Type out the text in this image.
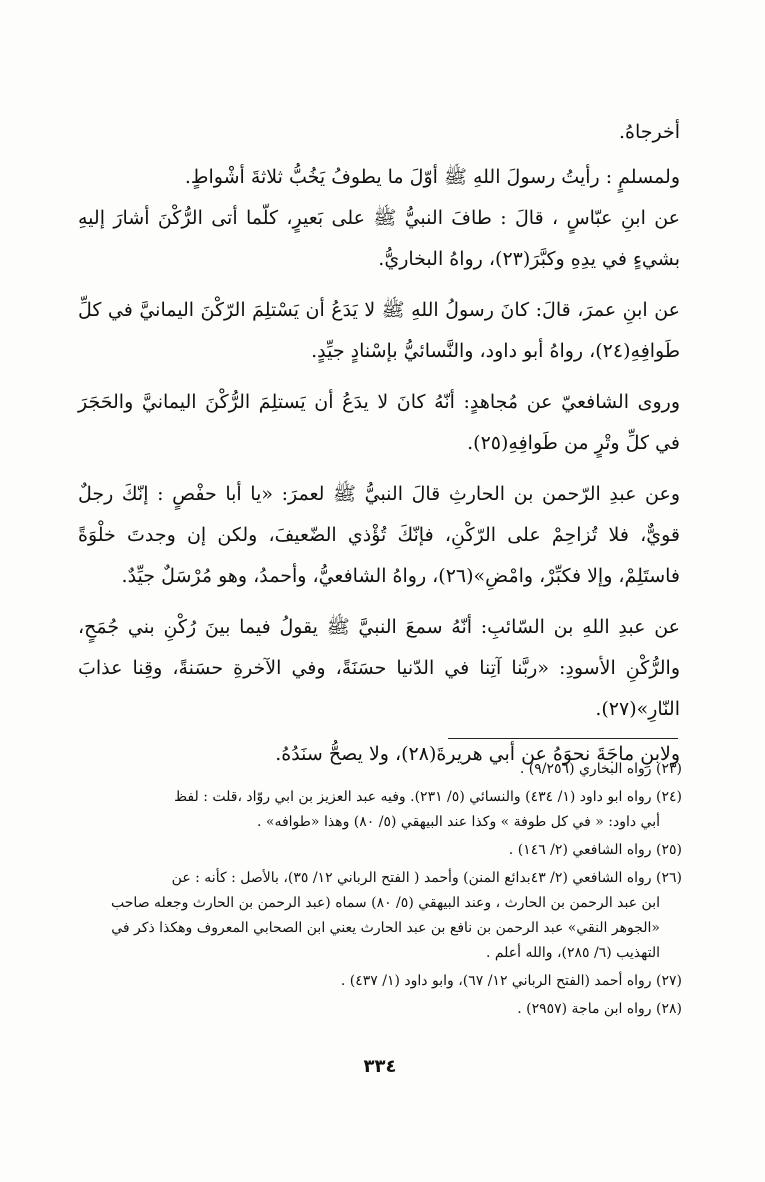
أخرجاهُ.

ولمسلمٍ : رأيتُ رسولَ اللهِ ﷺ أوّلَ ما يطوفُ يَخُبُّ ثلاثةَ أشْواطٍ.

عن ابنِ عبّاسٍ ، قالَ : طافَ النبيُّ ﷺ على بَعيرٍ، كلّما أتى الرُّكْنَ أشارَ إليهِ بشيءٍ في يدِهِ وكبَّرَ(٢٣)، رواهُ البخاريُّ.

عن ابنِ عمرَ، قالَ: كانَ رسولُ اللهِ ﷺ لا يَدَعُ أن يَسْتلِمَ الرّكْنَ اليمانيَّ في كلِّ طَوافِهِ(٢٤)، رواهُ أبو داود، والنَّسائيُّ بإسْنادٍ جيِّدٍ.

وروى الشافعيّ عن مُجاهدٍ: أنّهُ كانَ لا يدَعُ أن يَستلِمَ الرُّكْنَ اليمانيَّ والحَجَرَ في كلِّ وتْرٍ من طَوافِهِ(٢٥).

وعن عبدِ الرّحمن بن الحارثِ قالَ النبيُّ ﷺ لعمرَ: «يا أبا حفْصٍ : إنّكَ رجلٌ قويٌّ، فلا تُزاحِمْ على الرّكْنِ، فإنّكَ تُؤْذي الضّعيفَ، ولكن إن وجدتَ خلْوَةً فاستَلِمْ، وإلا فكبِّرْ، وامْضِ»(٢٦)، رواهُ الشافعيُّ، وأحمدُ، وهو مُرْسَلٌ جيِّدٌ.

عن عبدِ اللهِ بن السّائبِ: أنّهُ سمعَ النبيَّ ﷺ يقولُ فيما بينَ رُكْنِ بني جُمَحٍ، والرُّكْنِ الأسودِ: «ربَّنا آتِنا في الدّنيا حسَنَةً، وفي الآخرةِ حسَنةً، وقِنا عذابَ النّارِ»(٢٧).

ولابنِ ماجَةَ نحوَهُ عن أبي هريرةَ(٢٨)، ولا يصحُّ سنَدُهُ.

(٢٣) رواه البخاري (٩/٢٥٦) .

(٢٤) رواه ابو داود (١/ ٤٣٤) والنسائي (٥/ ٢٣١). وفيه عبد العزيز بن ابي روّاد ،قلت : لفظ
أبي داود: « في كل طوفة » وكذا عند البيهقي (٥/ ٨٠) وهذا «طوافه» .

(٢٥) رواه الشافعي (٢/ ١٤٦) .

(٢٦) رواه الشافعي (٢/ ٤٣بدائع المنن) وأحمد ( الفتح الرباني ١٢/ ٣٥)، بالأصل : كأنه : عن
ابن عبد الرحمن بن الحارث ، وعند البيهقي (٥/ ٨٠) سماه (عبد الرحمن بن الحارث وجعله صاحب «الجوهر النقي» عبد الرحمن بن نافع بن عبد الحارث يعني ابن الصحابي المعروف وهكذا ذكر في التهذيب (٦/ ٢٨٥)، والله أعلم .

(٢٧) رواه أحمد (الفتح الرباني ١٢/ ٦٧)، وابو داود (١/ ٤٣٧) .

(٢٨) رواه ابن ماجة (٢٩٥٧) .

٣٣٤
